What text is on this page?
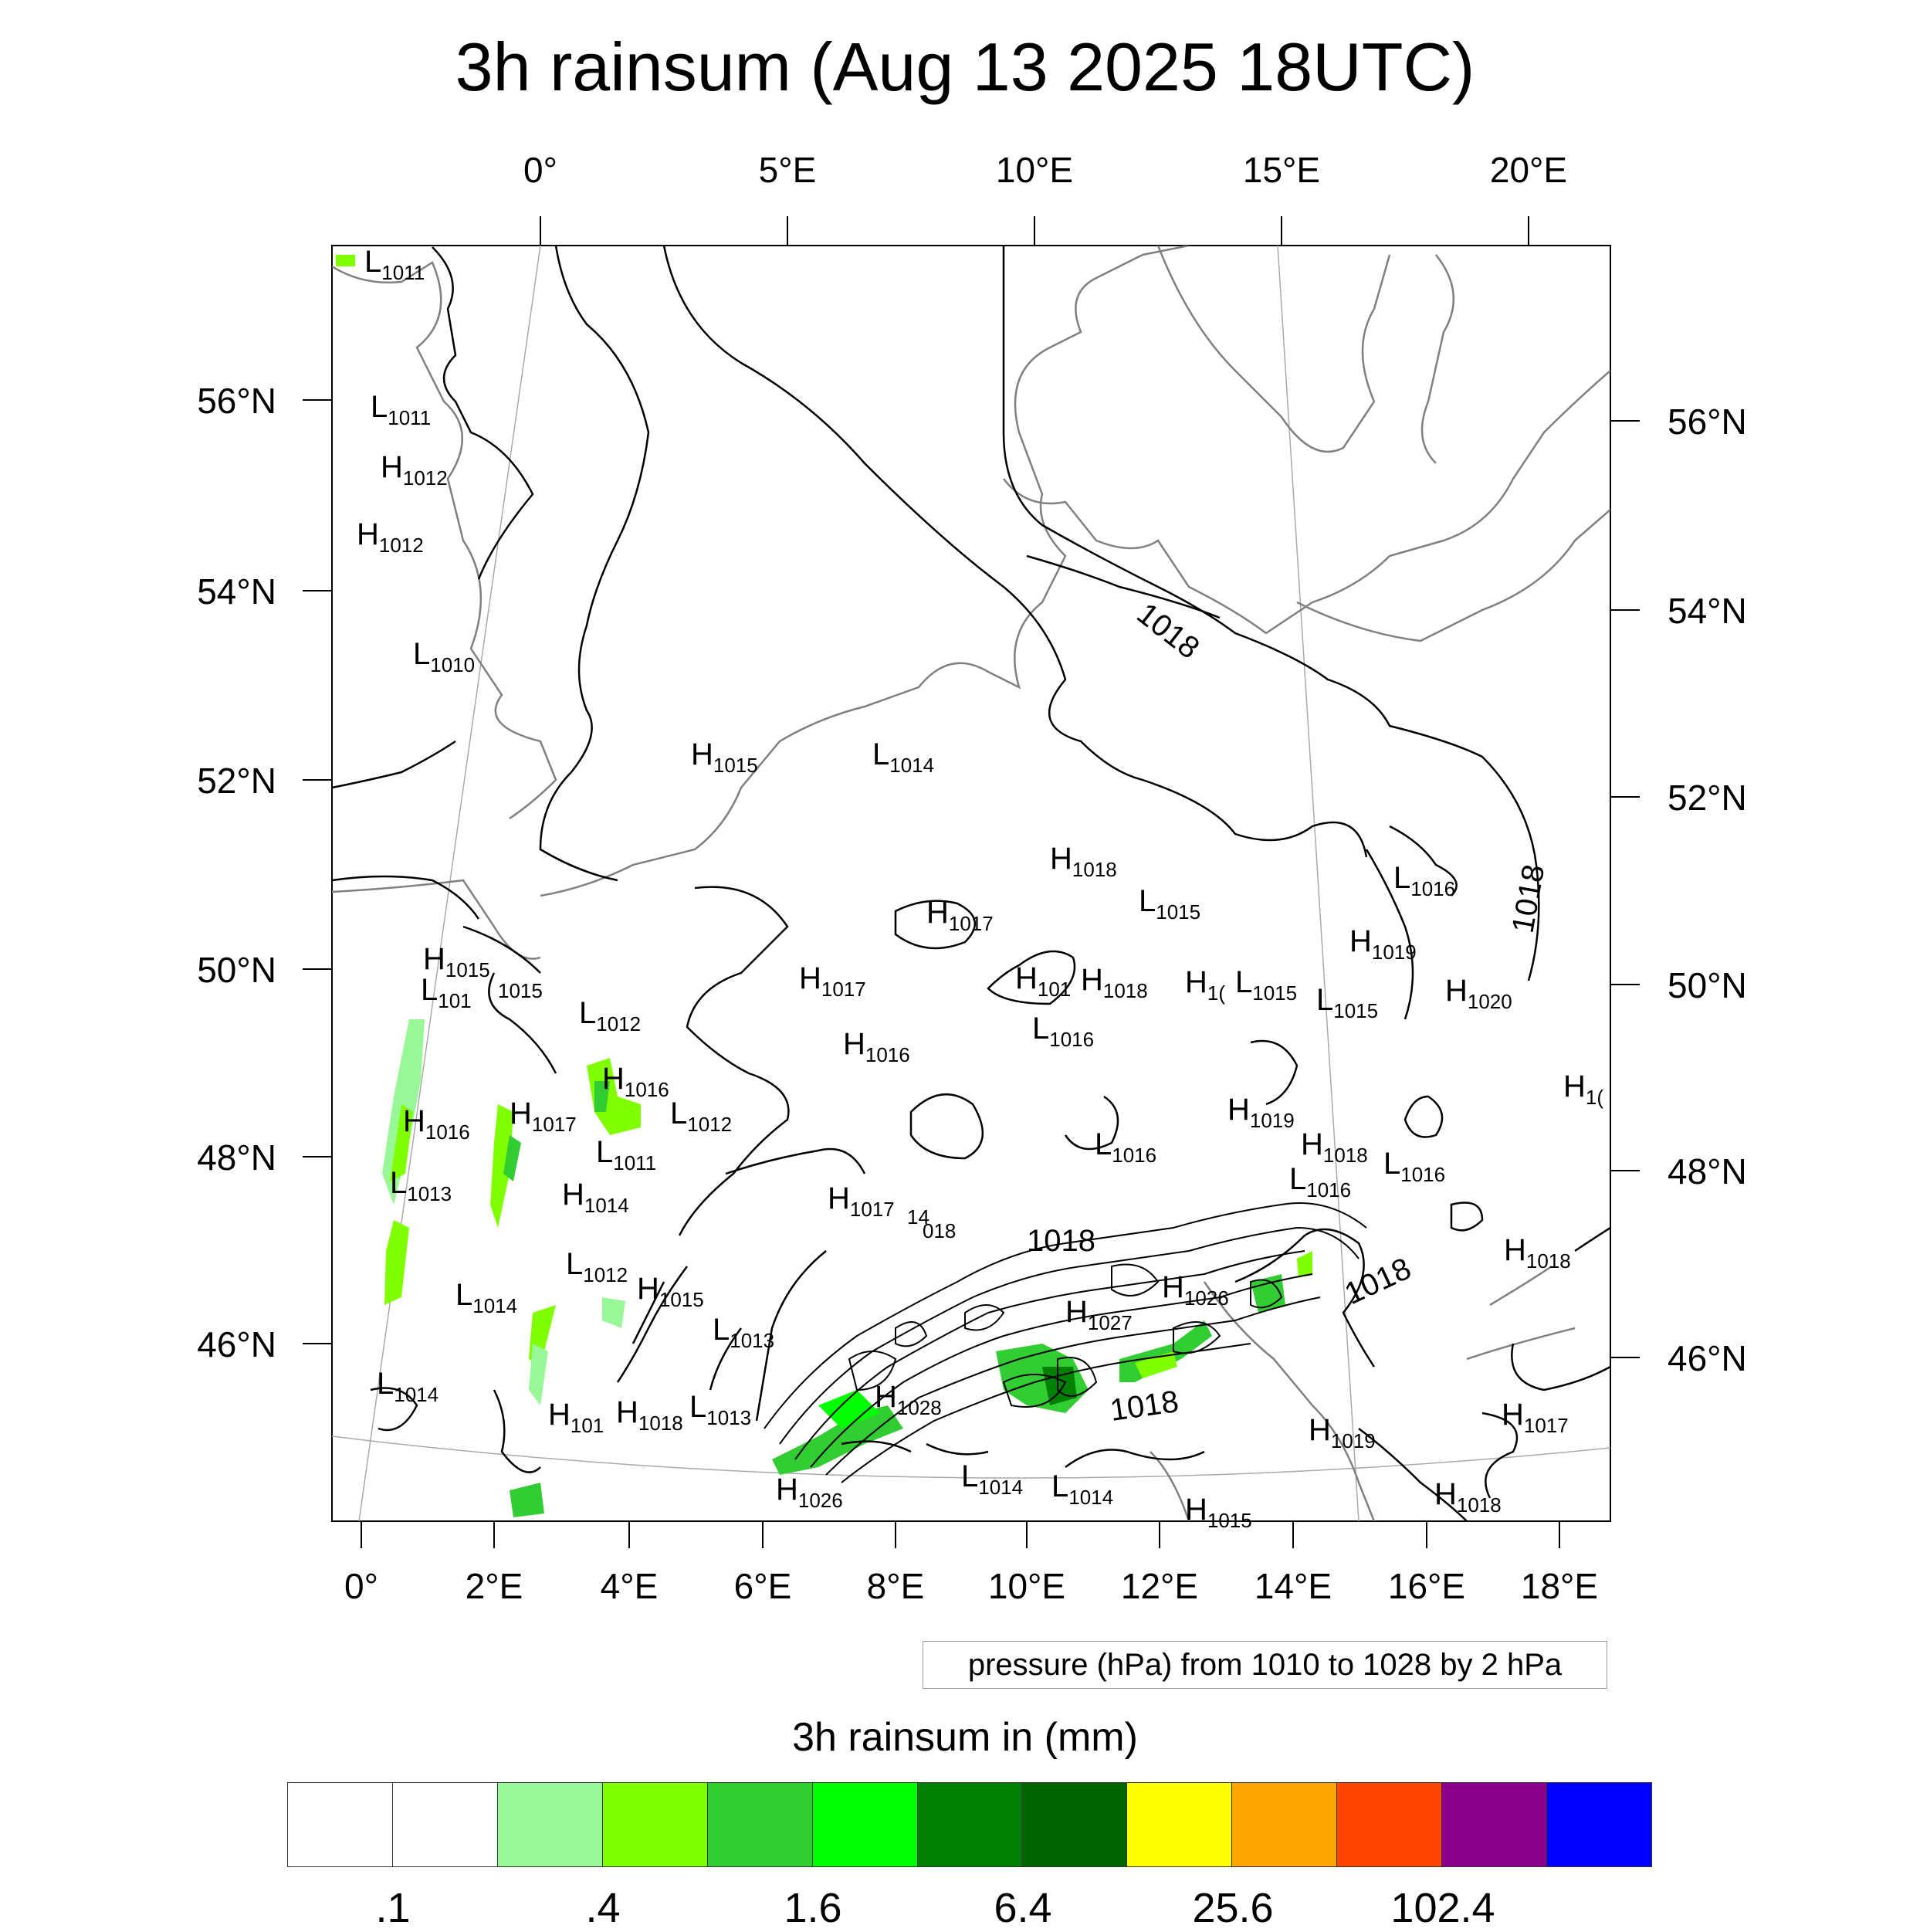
3h rainsum (Aug 13 2025 18UTC)
0°	5°E	10°E	15°E	20°E
0° 2°E 4°E 6°E 8°E 10°E 12°E 14°E 16°E 18°E
56°N
54°N
52°N
50°N
48°N
46°N
56°N
54°N
52°N
50°N
48°N
46°N
1018
1018
1018
1018
1018
$L_{1011}$
$L_{1011}$
$H_{1012}$
$H_{1012}$
$L_{1010}$
$H_{1015}$	$L_{1014}$
$H_{1018}$
$L_{1015}$
$H_{1017}$
$L_{1016}$
$H_{1019}$
$H_{1015}$
$L_{101}$ 1015
$L_{1012}$
$H_{1017}$	$H_{101}$ $H_{1018}$ $H_{1(}$ $L_{1015}$ $L_{1015}$
$H_{1020}$
$H_{1016}$
$L_{1016}$
$H_{1016}$
$L_{1012}$
$H_{1016}$
$H_{1017}$
$L_{1011}$
$L_{1013}$	$H_{1014}$
$L_{1016}$
$H_{1019}$
$H_{1018}$
$L_{1016}$
$L_{1016}$
$H_{1(}$
$H_{1017}$ 14
018
$L_{1012}$ $H_{1015}$
$L_{1014}$
$L_{1013}$
$H_{1026}$
$H_{1027}$
$H_{1018}$
$L_{1014}$
$H_{101}$ $H_{1018}$ $L_{1013}$
$H_{1028}$	$H_{1017}$
$H_{1019}$
$H_{1026}$
$L_{1014}$ $L_{1014}$ $H_{1015}$
$H_{1018}$
pressure (hPa) from 1010 to 1028 by 2 hPa
3h rainsum in (mm)
.1	.4	1.6	6.4	25.6	102.4
